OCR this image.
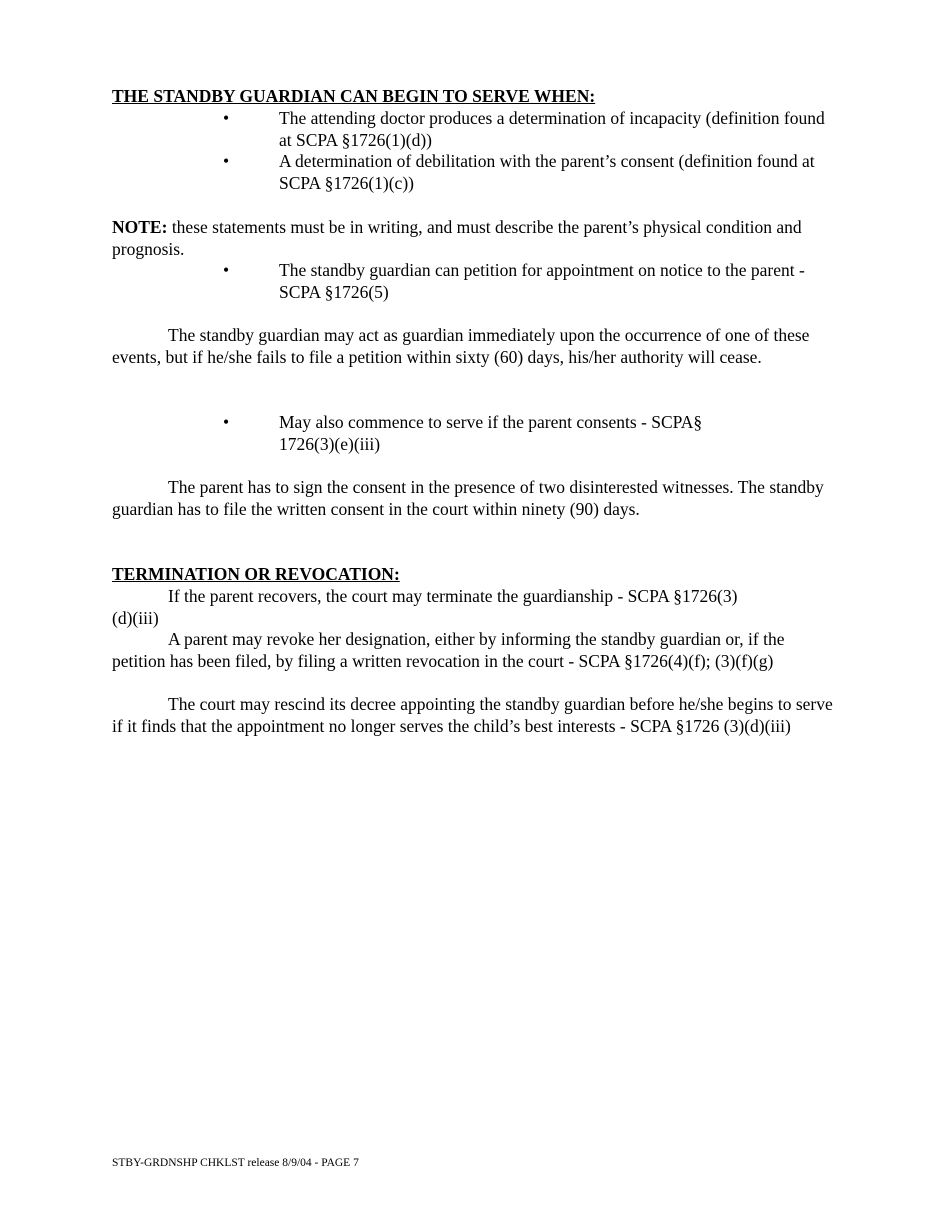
THE STANDBY GUARDIAN CAN BEGIN TO SERVE WHEN:
•	The attending doctor produces a determination of incapacity (definition found at SCPA §1726(1)(d))
•	A determination of debilitation with the parent’s consent (definition found at SCPA §1726(1)(c))

NOTE: these statements must be in writing, and must describe the parent’s physical condition and prognosis.

•	The standby guardian can petition for appointment on notice to the parent - SCPA §1726(5)

The standby guardian may act as guardian immediately upon the occurrence of one of these events, but if he/she fails to file a petition within sixty (60) days, his/her authority will cease.

•	May also commence to serve if the parent consents - SCPA§ 1726(3)(e)(iii)

The parent has to sign the consent in the presence of two disinterested witnesses. The standby guardian has to file the written consent in the court within ninety (90) days.

TERMINATION OR REVOCATION:

If the parent recovers, the court may terminate the guardianship - SCPA §1726(3)(d)(iii)

A parent may revoke her designation, either by informing the standby guardian or, if the petition has been filed, by filing a written revocation in the court - SCPA §1726(4)(f); (3)(f)(g)

The court may rescind its decree appointing the standby guardian before he/she begins to serve if it finds that the appointment no longer serves the child’s best interests - SCPA §1726 (3)(d)(iii)

STBY-GRDNSHP CHKLST release 8/9/04 - PAGE 7
